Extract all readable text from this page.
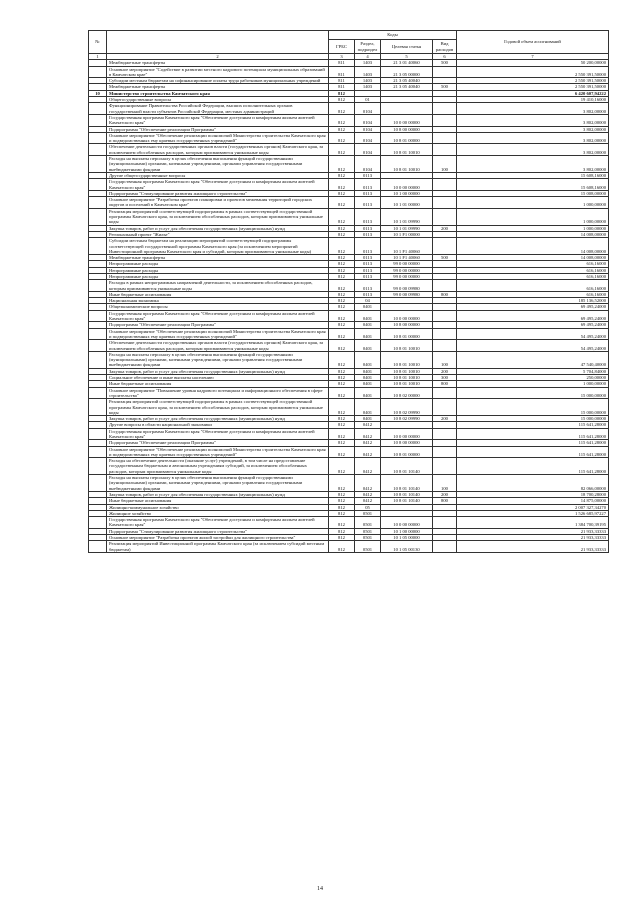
№		Коды				Годовой объем ассигнований
		ГРБС	Раздел, подраздел	Целевая статья	Вид расходов	
1	2	3	4	5	6	7
	Межбюджетные трансферты	811	1403	21 3 01 40060	500	50 200,00000
	Основное мероприятие "Содействие в развитии местного кадрового потенциала муниципальных образований в Камчатском крае"	811	1403	21 3 05 00000		2 550 391,50000
	Субсидии местным бюджетам на софинансирование оплаты труда работников муниципальных учреждений	811	1403	21 3 05 40040		2 550 391,50000
	Межбюджетные трансферты	811	1403	21 3 05 40040	500	2 550 391,50000
10	Министерство строительства Камчатского края	812				6 420 607,94222
	Общегосударственные вопросы	812	01			19 410,16000
	Функционирование Правительства Российской Федерации, высших исполнительных органов государственной власти субъектов Российской Федерации, местных администраций	812	0104			3 802,00000
	Государственная программа Камчатского края "Обеспечение доступным и комфортным жильем жителей Камчатского края"	812	0104	10 0 00 00000		3 802,00000
	Подпрограмма "Обеспечение реализации Программы"	812	0104	10 8 00 00000		3 802,00000
	Основное мероприятие "Обеспечение реализации полномочий Министерства строительства Камчатского края и подведомственных ему краевых государственных учреждений"	812	0104	10 8 01 00000		3 802,00000
	Обеспечение деятельности государственных органов власти (государственных органов) Камчатского края, за исключением обособленных расходов, которым присваиваются уникальные коды	812	0104	10 8 01 10010		3 802,00000
	Расходы на выплаты персоналу в целях обеспечения выполнения функций государственными (муниципальными) органами, казенными учреждениями, органами управления государственными внебюджетными фондами	812	0104	10 8 01 10010	100	3 802,00000
	Другие общегосударственные вопросы	812	0113			15 608,16000
	Государственная программа Камчатского края "Обеспечение доступным и комфортным жильем жителей Камчатского края"	812	0113	10 0 00 00000		15 608,16000
	Подпрограмма "Стимулирование развития жилищного строительства"	812	0113	10 1 00 00000		15 008,00000
	Основное мероприятие "Разработка проектов планировки и проектов межевания территорий городских округов и поселений в Камчатском крае"	812	0113	10 1 01 00000		1 000,00000
	Реализация мероприятий соответствующей подпрограммы в рамках соответствующей государственной программы Камчатского края, за исключением обособленных расходов, которым присваиваются уникальные коды	812	0113	10 1 01 09990		1 000,00000
	Закупка товаров, работ и услуг для обеспечения государственных (муниципальных) нужд	812	0113	10 1 01 09990	200	1 000,00000
	Региональный проект "Жилье"	812	0113	10 1 F1 00000		14 008,00000
	Субсидии местным бюджетам на реализацию мероприятий соответствующей подпрограммы соответствующей государственной программы Камчатского края (за исключением мероприятий Инвестиционной программы Камчатского края и субсидий, которым присваиваются уникальные коды)	812	0113	10 1 F1 40060		14 008,00000
	Межбюджетные трансферты	812	0113	10 1 F1 40060	500	14 008,00000
	Непрограммные расходы	812	0113	99 0 00 00000		616,16000
	Непрограммные расходы	812	0113	99 0 00 00000		616,16000
	Непрограммные расходы	812	0113	99 0 00 00000		616,16000
	Расходы в рамках непрограммных направлений деятельности, за исключением обособленных расходов, которым присваиваются уникальные коды	812	0113	99 0 00 09980		616,16000
	Иные бюджетные ассигнования	812	0113	99 0 00 09980	800	616,16000
	Национальная экономика	812	04			185 136,52000
	Общеэкономические вопросы	812	0401			69 495,24000
	Государственная программа Камчатского края "Обеспечение доступным и комфортным жильем жителей Камчатского края"	812	0401	10 0 00 00000		69 495,24000
	Подпрограмма "Обеспечение реализации Программы"	812	0401	10 8 00 00000		69 495,24000
	Основное мероприятие "Обеспечение реализации полномочий Министерства строительства Камчатского края и подведомственных ему краевых государственных учреждений"	812	0401	10 8 01 00000		54 495,24000
	Обеспечение деятельности государственных органов власти (государственных органов) Камчатского края, за исключением обособленных расходов, которым присваиваются уникальные коды	812	0401	10 8 01 10010		54 495,24000
	Расходы на выплаты персоналу в целях обеспечения выполнения функций государственными (муниципальными) органами, казенными учреждениями, органами управления государственными внебюджетными фондами	812	0401	10 8 01 10010	100	47 540,40000
	Закупка товаров, работ и услуг для обеспечения государственных (муниципальных) нужд	812	0401	10 8 01 10010	200	5 704,84000
	Социальное обеспечение и иные выплаты населению	812	0401	10 8 01 10010	300	250,00000
	Иные бюджетные ассигнования	812	0401	10 8 01 10010	800	1 000,00000
	Основное мероприятие "Повышение уровня кадрового потенциала и информационного обеспечения в сфере строительства"	812	0401	10 8 02 00000		15 000,00000
	Реализация мероприятий соответствующей подпрограммы в рамках соответствующей государственной программы Камчатского края, за исключением обособленных расходов, которым присваиваются уникальные коды	812	0401	10 8 02 09990		15 000,00000
	Закупка товаров, работ и услуг для обеспечения государственных (муниципальных) нужд	812	0401	10 8 02 09990	200	15 000,00000
	Другие вопросы в области национальной экономики	812	0412			115 641,28000
	Государственная программа Камчатского края "Обеспечение доступным и комфортным жильем жителей Камчатского края"	812	0412	10 0 00 00000		115 641,28000
	Подпрограмма "Обеспечение реализации Программы"	812	0412	10 8 00 00000		115 641,28000
	Основное мероприятие "Обеспечение реализации полномочий Министерства строительства Камчатского края и подведомственных ему краевых государственных учреждений"	812	0412	10 8 01 00000		115 641,28000
	Расходы на обеспечение деятельности (оказание услуг) учреждений, в том числе на предоставление государственным бюджетным и автономным учреждениям субсидий, за исключением обособленных расходов, которым присваиваются уникальные коды	812	0412	10 8 01 10140		115 641,28000
	Расходы на выплаты персоналу в целях обеспечения выполнения функций государственными (муниципальными) органами, казенными учреждениями, органами управления государственными внебюджетными фондами	812	0412	10 8 01 10140	100	82 066,00000
	Закупка товаров, работ и услуг для обеспечения государственных (муниципальных) нужд	812	0412	10 8 01 10140	200	18 700,28000
	Иные бюджетные ассигнования	812	0412	10 8 01 10140	800	14 875,00000
	Жилищно-коммунальное хозяйство	812	05			2 007 327,34270
	Жилищное хозяйство	812	0501			1 526 685,97227
	Государственная программа Камчатского края "Обеспечение доступным и комфортным жильем жителей Камчатского края"	812	0501	10 0 00 00000		1 384 700,39195
	Подпрограмма "Стимулирование развития жилищного строительства"	812	0501	10 1 00 00000		21 933,33333
	Основное мероприятие "Разработка проектов жилой застройки для жилищного строительства"	812	0501	10 1 05 00000		21 933,33333
	Реализация мероприятий Инвестиционной программы Камчатского края (за исключением субсидий местным бюджетам)	812	0501	10 1 05 00130		21 933,33333
14
